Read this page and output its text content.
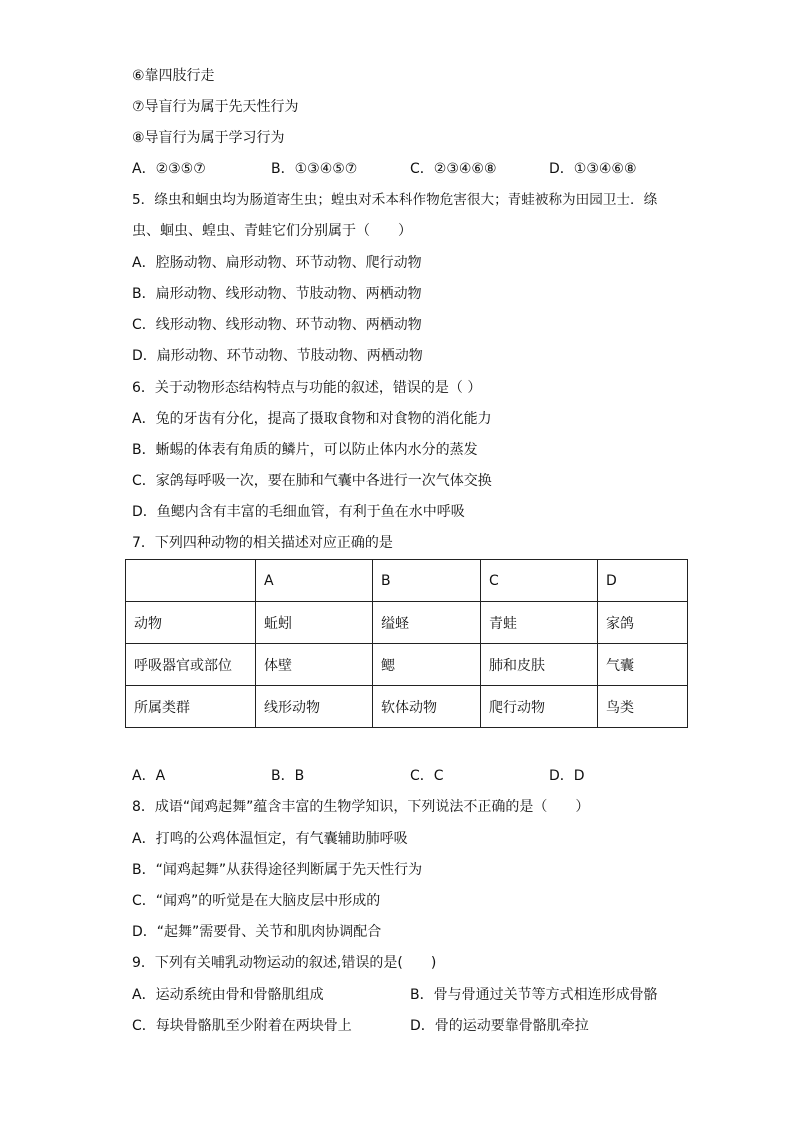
⑥靠四肢行走
⑦导盲行为属于先天性行为
⑧导盲行为属于学习行为
A．②③⑤⑦	B．①③④⑤⑦	C．②③④⑥⑧	D．①③④⑥⑧
5．绦虫和蛔虫均为肠道寄生虫；蝗虫对禾本科作物危害很大；青蛙被称为田园卫士．绦
虫、蛔虫、蝗虫、青蛙它们分别属于（　　）
A．腔肠动物、扁形动物、环节动物、爬行动物
B．扁形动物、线形动物、节肢动物、两栖动物
C．线形动物、线形动物、环节动物、两栖动物
D．扁形动物、环节动物、节肢动物、两栖动物
6．关于动物形态结构特点与功能的叙述，错误的是（ ）
A．兔的牙齿有分化，提高了摄取食物和对食物的消化能力
B．蜥蜴的体表有角质的鳞片，可以防止体内水分的蒸发
C．家鸽每呼吸一次，要在肺和气囊中各进行一次气体交换
D．鱼鳃内含有丰富的毛细血管，有利于鱼在水中呼吸
7．下列四种动物的相关描述对应正确的是
	A	B	C	D
动物	蚯蚓	缢蛏	青蛙	家鸽
呼吸器官或部位	体壁	鳃	肺和皮肤	气囊
所属类群	线形动物	软体动物	爬行动物	鸟类
A．A	B．B	C．C	D．D
8．成语“闻鸡起舞”蕴含丰富的生物学知识，下列说法不正确的是（　　）
A．打鸣的公鸡体温恒定，有气囊辅助肺呼吸
B．“闻鸡起舞”从获得途径判断属于先天性行为
C．“闻鸡”的听觉是在大脑皮层中形成的
D．“起舞”需要骨、关节和肌肉协调配合
9．下列有关哺乳动物运动的叙述,错误的是(　　)
A．运动系统由骨和骨骼肌组成	B．骨与骨通过关节等方式相连形成骨骼
C．每块骨骼肌至少附着在两块骨上	D．骨的运动要靠骨骼肌牵拉
